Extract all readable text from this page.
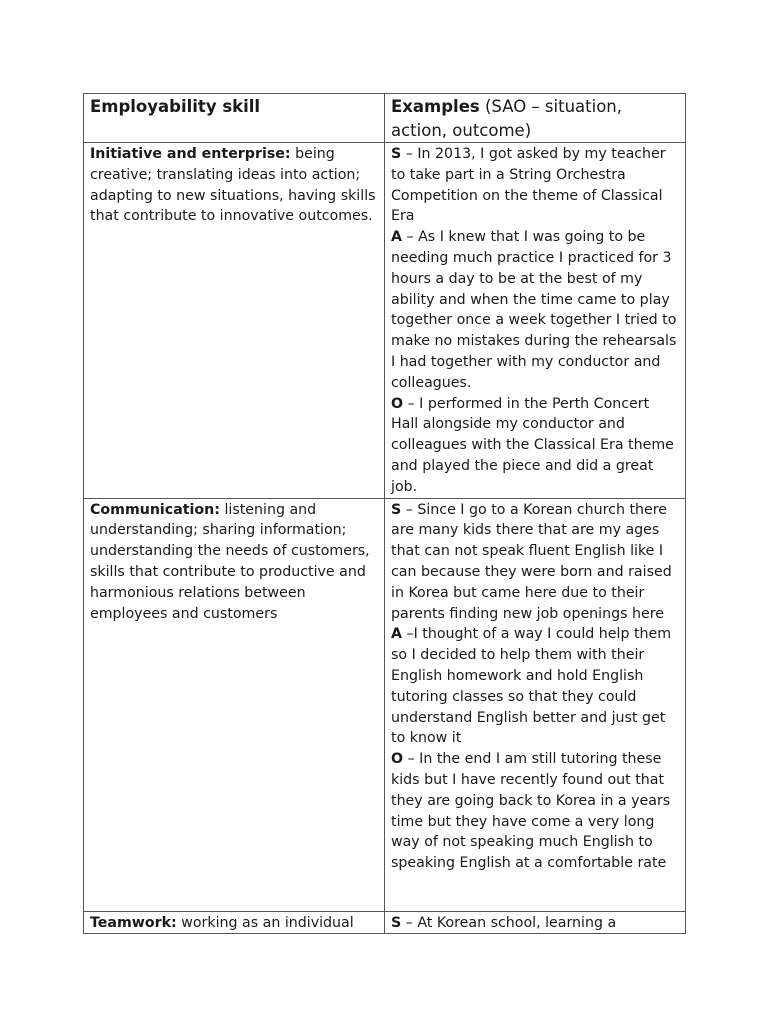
Employability skill	Examples (SAO – situation, action, outcome)
Initiative and enterprise: being creative; translating ideas into action; adapting to new situations, having skills that contribute to innovative outcomes.	S – In 2013, I got asked by my teacher to take part in a String Orchestra Competition on the theme of Classical Era
A – As I knew that I was going to be needing much practice I practiced for 3 hours a day to be at the best of my ability and when the time came to play together once a week together I tried to make no mistakes during the rehearsals I had together with my conductor and colleagues.
O – I performed in the Perth Concert Hall alongside my conductor and colleagues with the Classical Era theme and played the piece and did a great job.

Communication: listening and understanding; sharing information; understanding the needs of customers, skills that contribute to productive and harmonious relations between employees and customers	S – Since I go to a Korean church there are many kids there that are my ages that can not speak fluent English like I can because they were born and raised in Korea but came here due to their parents finding new job openings here
A –I thought of a way I could help them so I decided to help them with their English homework and hold English tutoring classes so that they could understand English better and just get to know it
O – In the end I am still tutoring these kids but I have recently found out that they are going back to Korea in a years time but they have come a very long way of not speaking much English to speaking English at a comfortable rate

Teamwork: working as an individual	S – At Korean school, learning a
